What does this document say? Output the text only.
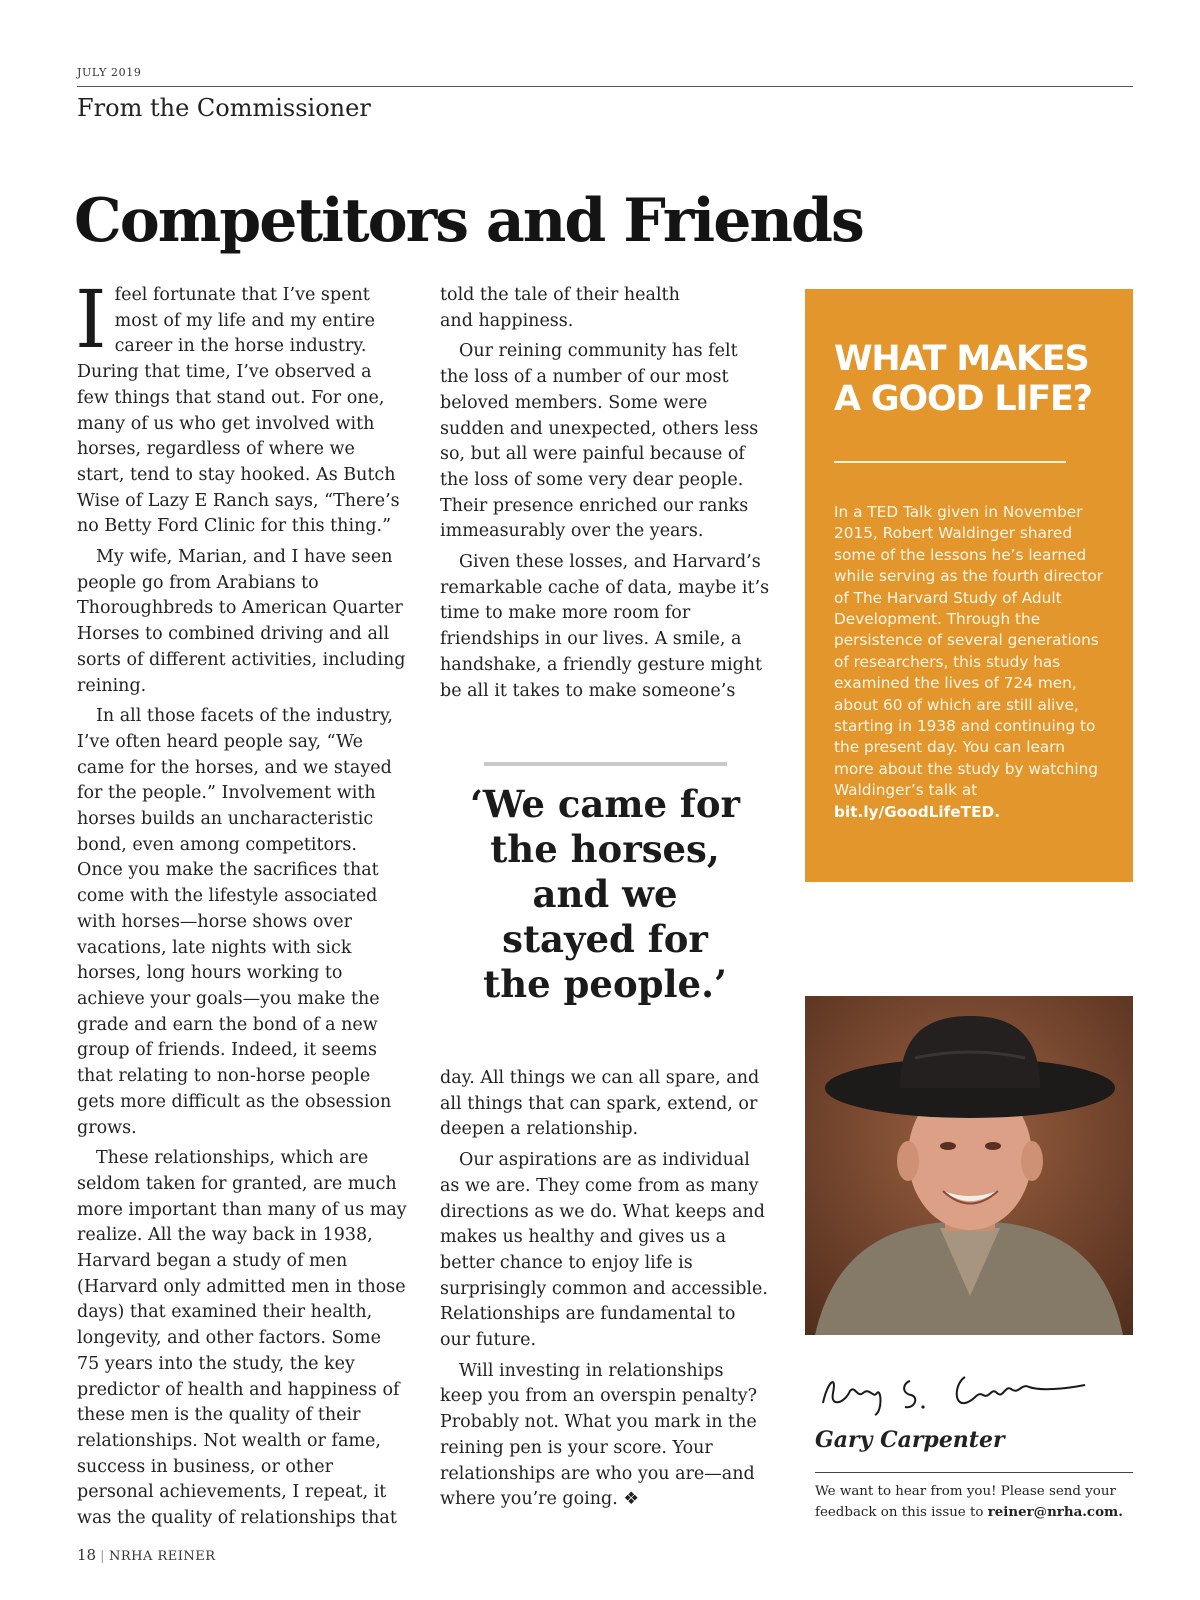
JULY 2019
From the Commissioner
Competitors and Friends

Ifeel fortunate that I’ve spent most of my life and my entire career in the horse industry. During that time, I’ve observed a few things that stand out. For one, many of us who get involved with horses, regardless of where we start, tend to stay hooked. As Butch Wise of Lazy E Ranch says, “There’s no Betty Ford Clinic for this thing.”

My wife, Marian, and I have seen people go from Arabians to Thoroughbreds to American Quarter Horses to combined driving and all sorts of different activities, including reining.

In all those facets of the industry, I’ve often heard people say, “We came for the horses, and we stayed for the people.” Involvement with horses builds an uncharacteristic bond, even among competitors. Once you make the sacrifices that come with the lifestyle associated with horses—horse shows over vacations, late nights with sick horses, long hours working to achieve your goals—you make the grade and earn the bond of a new group of friends. Indeed, it seems that relating to non-horse people gets more difficult as the obsession grows.

These relationships, which are seldom taken for granted, are much more important than many of us may realize. All the way back in 1938, Harvard began a study of men (Harvard only admitted men in those days) that examined their health, longevity, and other factors. Some 75 years into the study, the key predictor of health and happiness of these men is the quality of their relationships. Not wealth or fame, success in business, or other personal achievements, I repeat, it was the quality of relationships that

told the tale of their health
and happiness.

Our reining community has felt the loss of a number of our most beloved members. Some were sudden and unexpected, others less so, but all were painful because of the loss of some very dear people. Their presence enriched our ranks immeasurably over the years.

Given these losses, and Harvard’s remarkable cache of data, maybe it’s time to make more room for friendships in our lives. A smile, a handshake, a friendly gesture might be all it takes to make someone’s

‘We came for
the horses,
and we
stayed for
the people.’

day. All things we can all spare, and all things that can spark, extend, or deepen a relationship.

Our aspirations are as individual as we are. They come from as many directions as we do. What keeps and makes us healthy and gives us a better chance to enjoy life is surprisingly common and accessible. Relationships are fundamental to our future.

Will investing in relationships keep you from an overspin penalty? Probably not. What you mark in the reining pen is your score. Your relationships are who you are—and where you’re going. ❖

WHAT MAKES
A GOOD LIFE?
In a TED Talk given in November 2015, Robert Waldinger shared some of the lessons he’s learned while serving as the fourth director of The Harvard Study of Adult Development. Through the persistence of several generations of researchers, this study has examined the lives of 724 men, about 60 of which are still alive, starting in 1938 and continuing to the present day. You can learn more about the study by watching Waldinger’s talk at bit.ly/GoodLifeTED.
Gary Carpenter
We want to hear from you! Please send your feedback on this issue to reiner@nrha.com.
18 | NRHA REINER
